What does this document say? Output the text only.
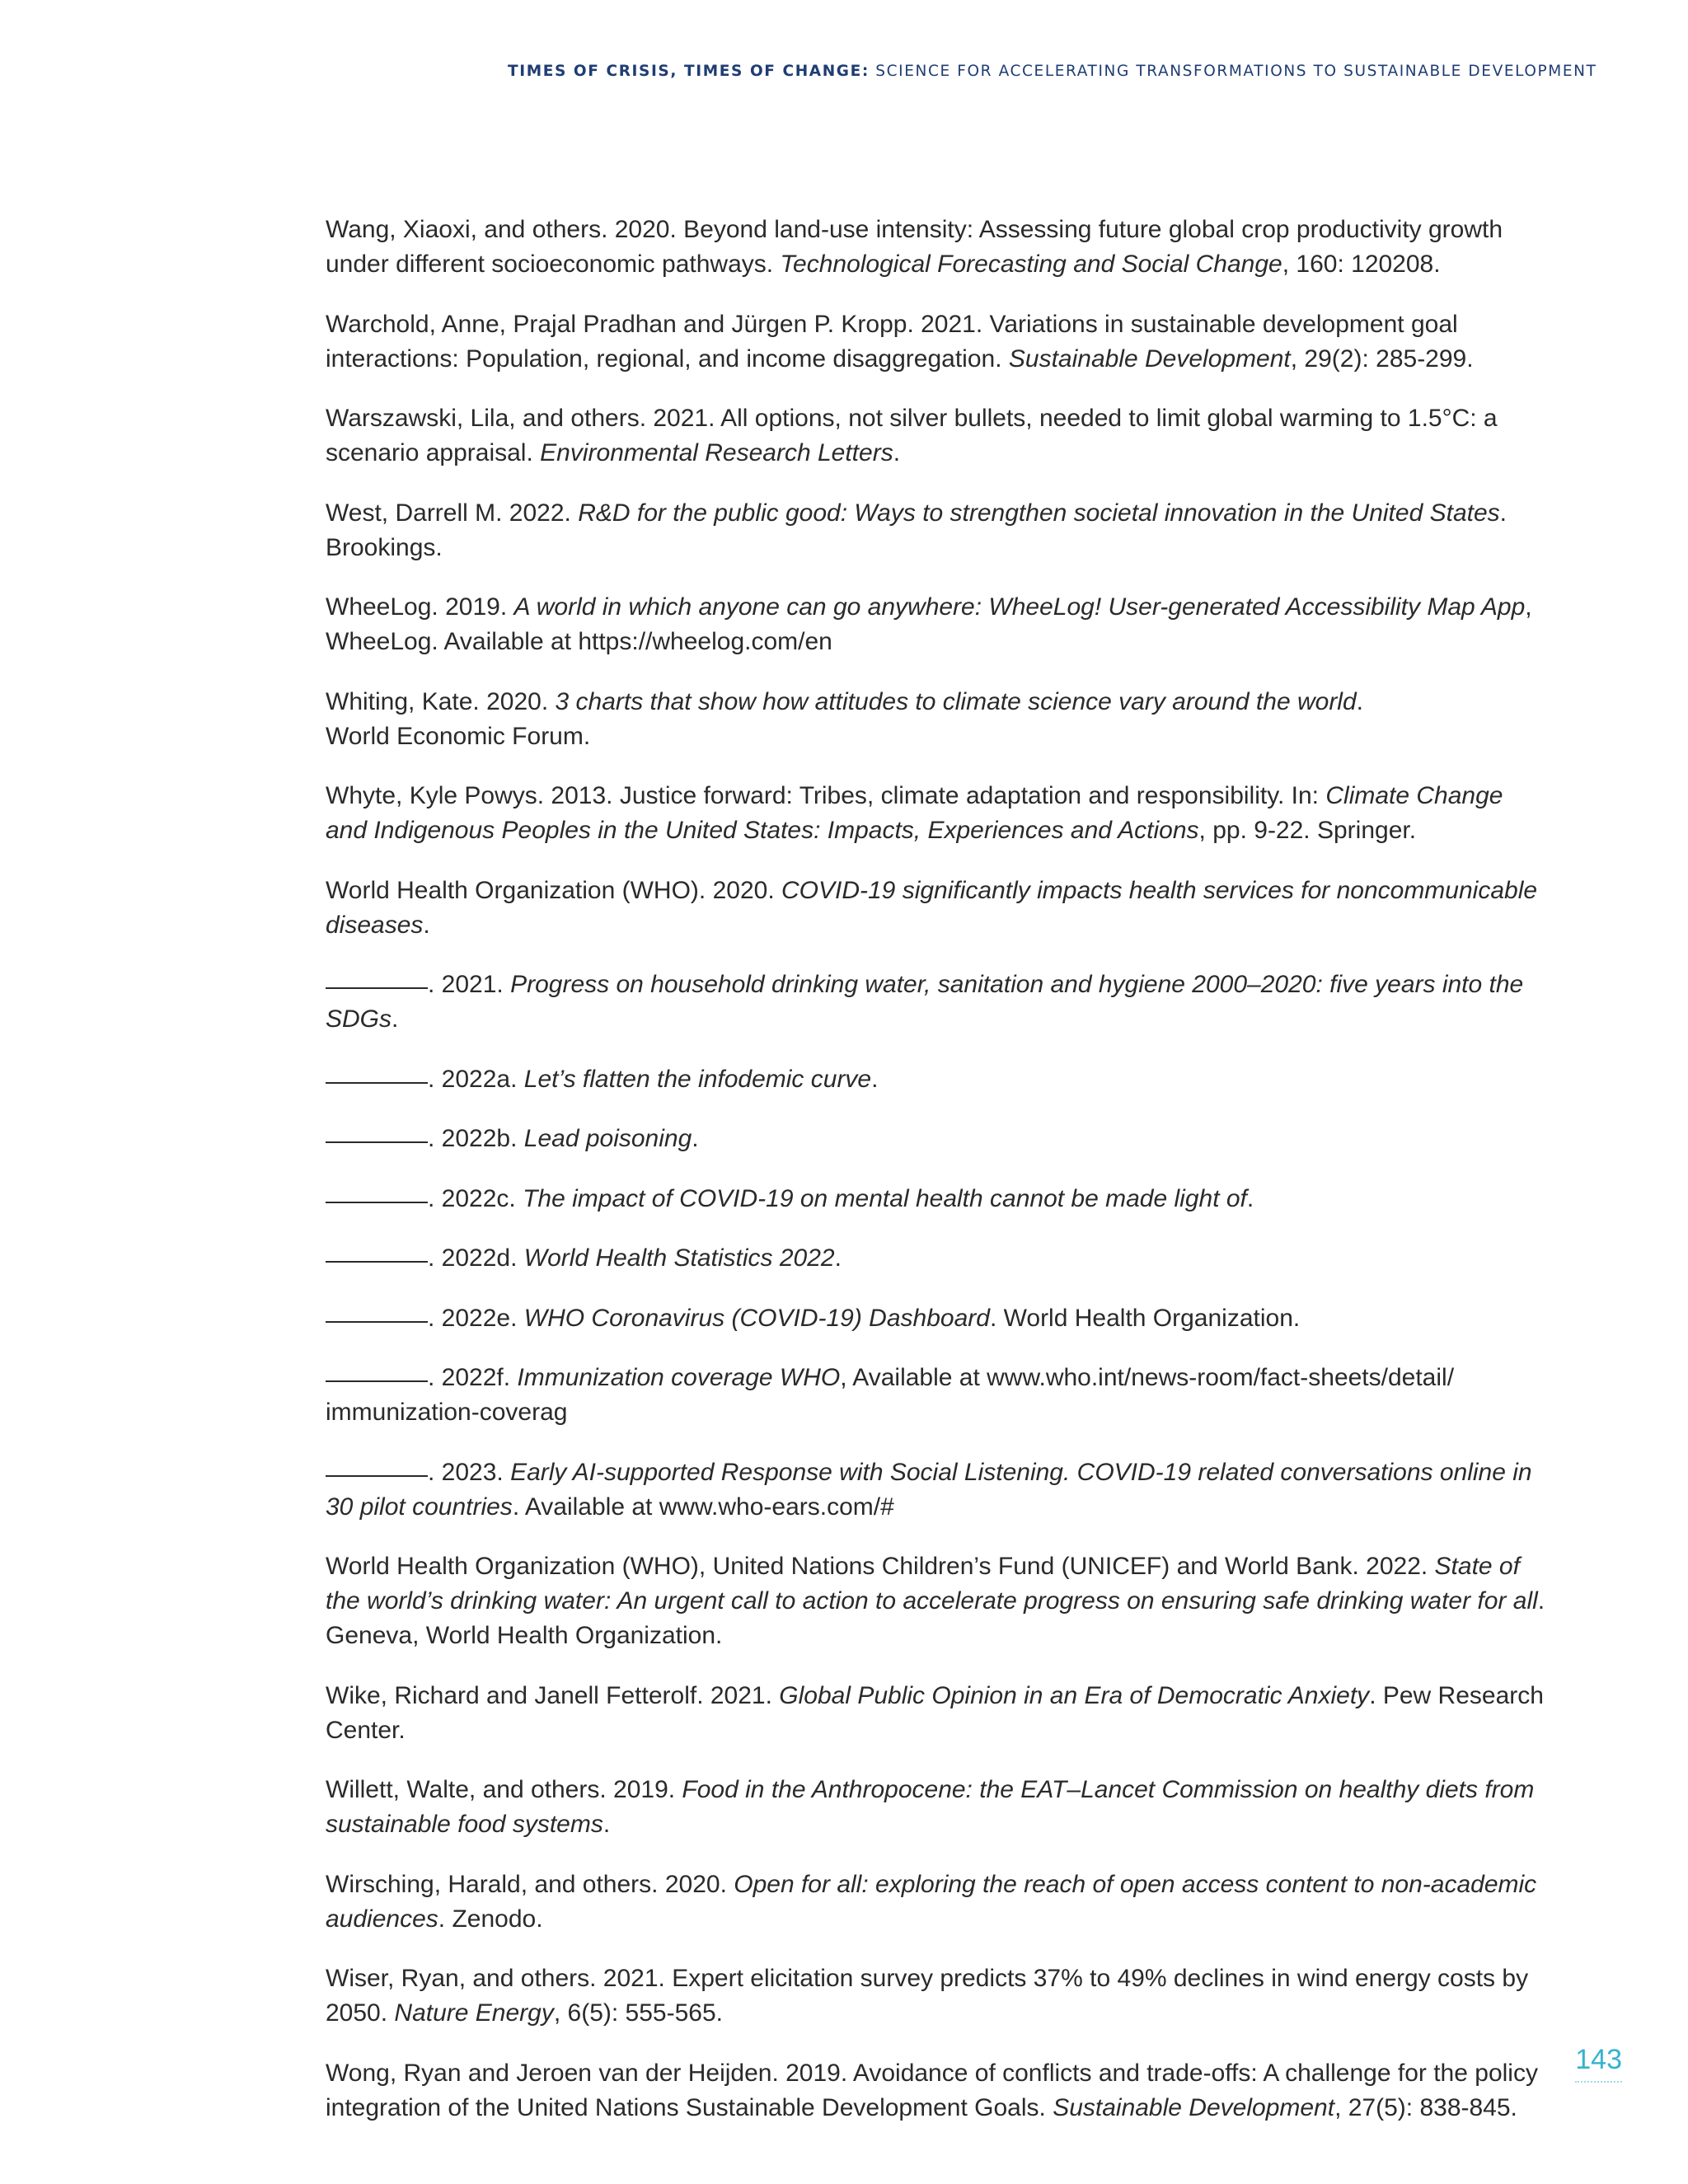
TIMES OF CRISIS, TIMES OF CHANGE: SCIENCE FOR ACCELERATING TRANSFORMATIONS TO SUSTAINABLE DEVELOPMENT

Wang, Xiaoxi, and others. 2020. Beyond land-use intensity: Assessing future global crop productivity growth under different socioeconomic pathways. Technological Forecasting and Social Change, 160: 120208.

Warchold, Anne, Prajal Pradhan and Jürgen P. Kropp. 2021. Variations in sustainable development goal interactions: Population, regional, and income disaggregation. Sustainable Development, 29(2): 285-299.

Warszawski, Lila, and others. 2021. All options, not silver bullets, needed to limit global warming to 1.5°C: a scenario appraisal. Environmental Research Letters.

West, Darrell M. 2022. R&D for the public good: Ways to strengthen societal innovation in the United States. Brookings.

WheeLog. 2019. A world in which anyone can go anywhere: WheeLog! User-generated Accessibility Map App, WheeLog. Available at https://wheelog.com/en

Whiting, Kate. 2020. 3 charts that show how attitudes to climate science vary around the world.
World Economic Forum.

Whyte, Kyle Powys. 2013. Justice forward: Tribes, climate adaptation and responsibility. In: Climate Change and Indigenous Peoples in the United States: Impacts, Experiences and Actions, pp. 9-22. Springer.

World Health Organization (WHO). 2020. COVID-19 significantly impacts health services for noncommunicable diseases.

. 2021. Progress on household drinking water, sanitation and hygiene 2000–2020: five years into the SDGs.

. 2022a. Let’s flatten the infodemic curve.

. 2022b. Lead poisoning.

. 2022c. The impact of COVID-19 on mental health cannot be made light of.

. 2022d. World Health Statistics 2022.

. 2022e. WHO Coronavirus (COVID-19) Dashboard. World Health Organization.

. 2022f. Immunization coverage WHO, Available at www.who.int/news-room/fact-sheets/detail/ immunization-coverag

. 2023. Early AI-supported Response with Social Listening. COVID-19 related conversations online in 30 pilot countries. Available at www.who-ears.com/#

World Health Organization (WHO), United Nations Children’s Fund (UNICEF) and World Bank. 2022. State of the world’s drinking water: An urgent call to action to accelerate progress on ensuring safe drinking water for all. Geneva, World Health Organization.

Wike, Richard and Janell Fetterolf. 2021. Global Public Opinion in an Era of Democratic Anxiety. Pew Research Center.

Willett, Walte, and others. 2019. Food in the Anthropocene: the EAT–Lancet Commission on healthy diets from sustainable food systems.

Wirsching, Harald, and others. 2020. Open for all: exploring the reach of open access content to non-academic audiences. Zenodo.

Wiser, Ryan, and others. 2021. Expert elicitation survey predicts 37% to 49% declines in wind energy costs by 2050. Nature Energy, 6(5): 555-565.

Wong, Ryan and Jeroen van der Heijden. 2019. Avoidance of conflicts and trade-offs: A challenge for the policy integration of the United Nations Sustainable Development Goals. Sustainable Development, 27(5): 838-845.

143
